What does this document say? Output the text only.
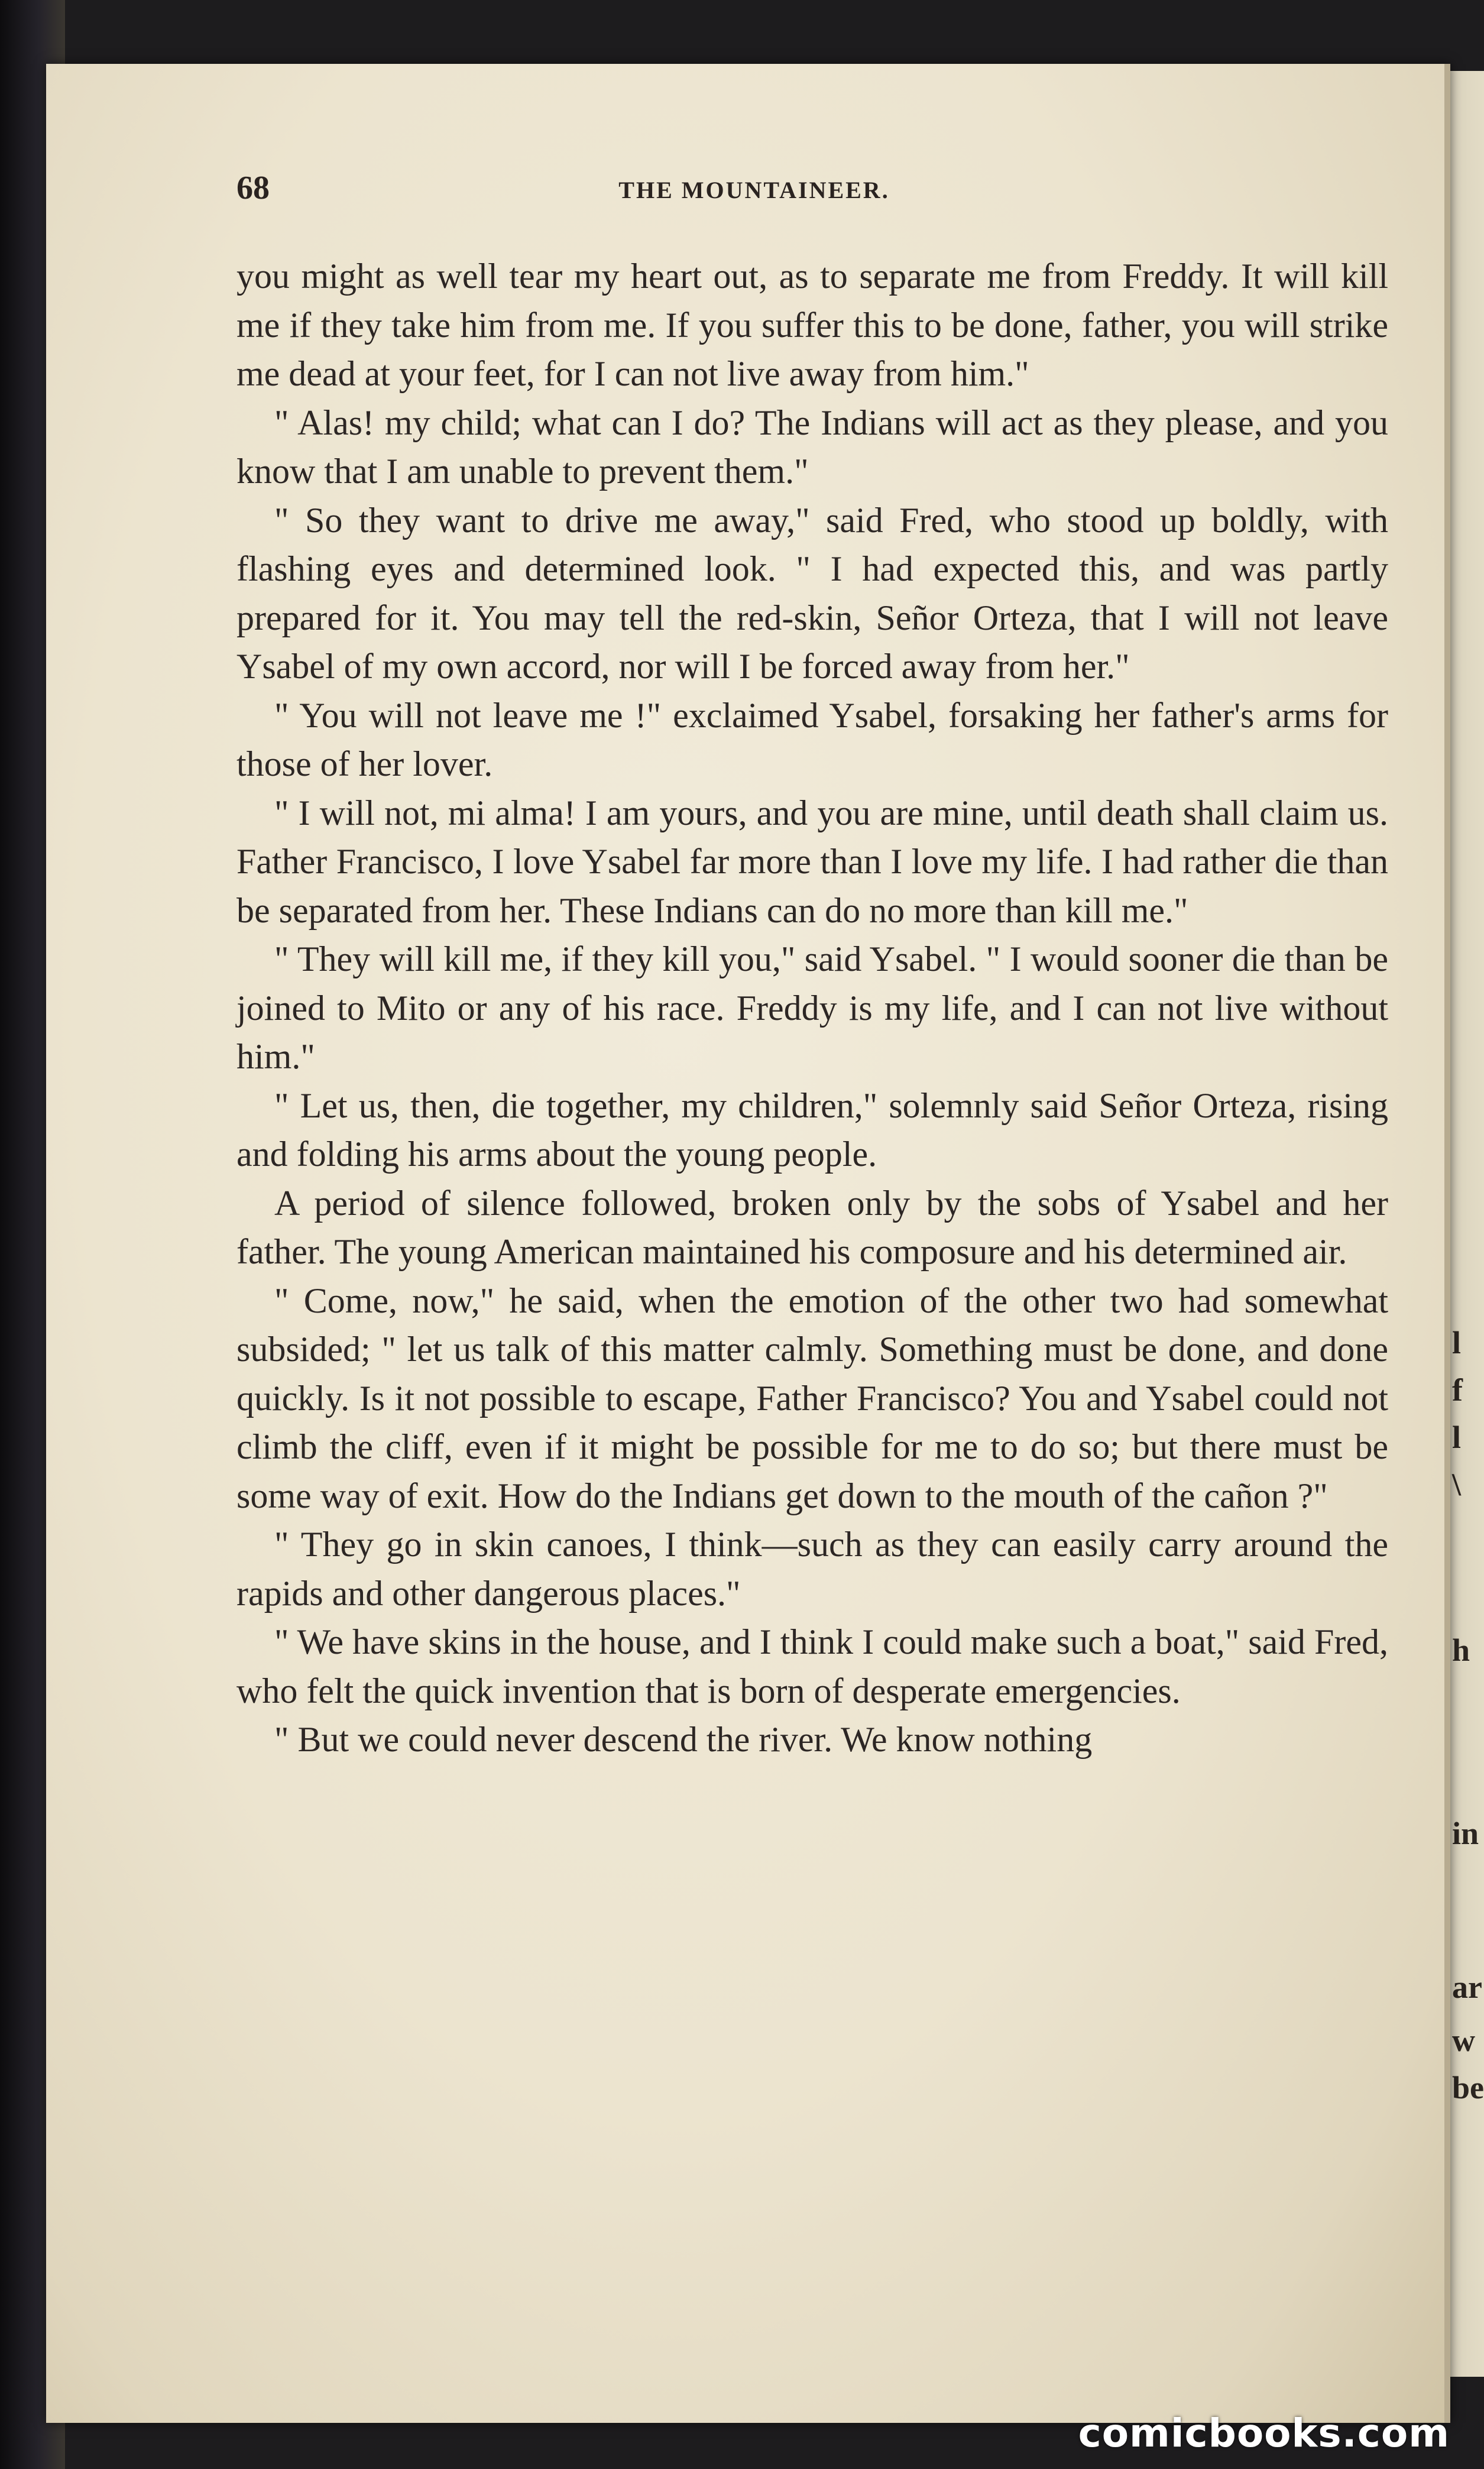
l
f
l
\
h
in
ar
w
be
68	THE MOUNTAINEER.

you might as well tear my heart out, as to separate me from Freddy. It will kill me if they take him from me. If you suffer this to be done, father, you will strike me dead at your feet, for I can not live away from him."

" Alas! my child; what can I do? The Indians will act as they please, and you know that I am unable to prevent them."

" So they want to drive me away," said Fred, who stood up boldly, with flashing eyes and determined look. " I had expected this, and was partly prepared for it. You may tell the red-skin, Señor Orteza, that I will not leave Ysabel of my own accord, nor will I be forced away from her."

" You will not leave me !" exclaimed Ysabel, forsaking her father's arms for those of her lover.

" I will not, mi alma! I am yours, and you are mine, until death shall claim us. Father Francisco, I love Ysabel far more than I love my life. I had rather die than be separated from her. These Indians can do no more than kill me."

" They will kill me, if they kill you," said Ysabel. " I would sooner die than be joined to Mito or any of his race. Freddy is my life, and I can not live without him."

" Let us, then, die together, my children," solemnly said Señor Orteza, rising and folding his arms about the young people.

A period of silence followed, broken only by the sobs of Ysabel and her father. The young American maintained his composure and his determined air.

" Come, now," he said, when the emotion of the other two had somewhat subsided; " let us talk of this matter calmly. Something must be done, and done quickly. Is it not possible to escape, Father Francisco? You and Ysabel could not climb the cliff, even if it might be possible for me to do so; but there must be some way of exit. How do the Indians get down to the mouth of the cañon ?"

" They go in skin canoes, I think—such as they can easily carry around the rapids and other dangerous places."

" We have skins in the house, and I think I could make such a boat," said Fred, who felt the quick invention that is born of desperate emergencies.

" But we could never descend the river. We know nothing

comicbooks.com
